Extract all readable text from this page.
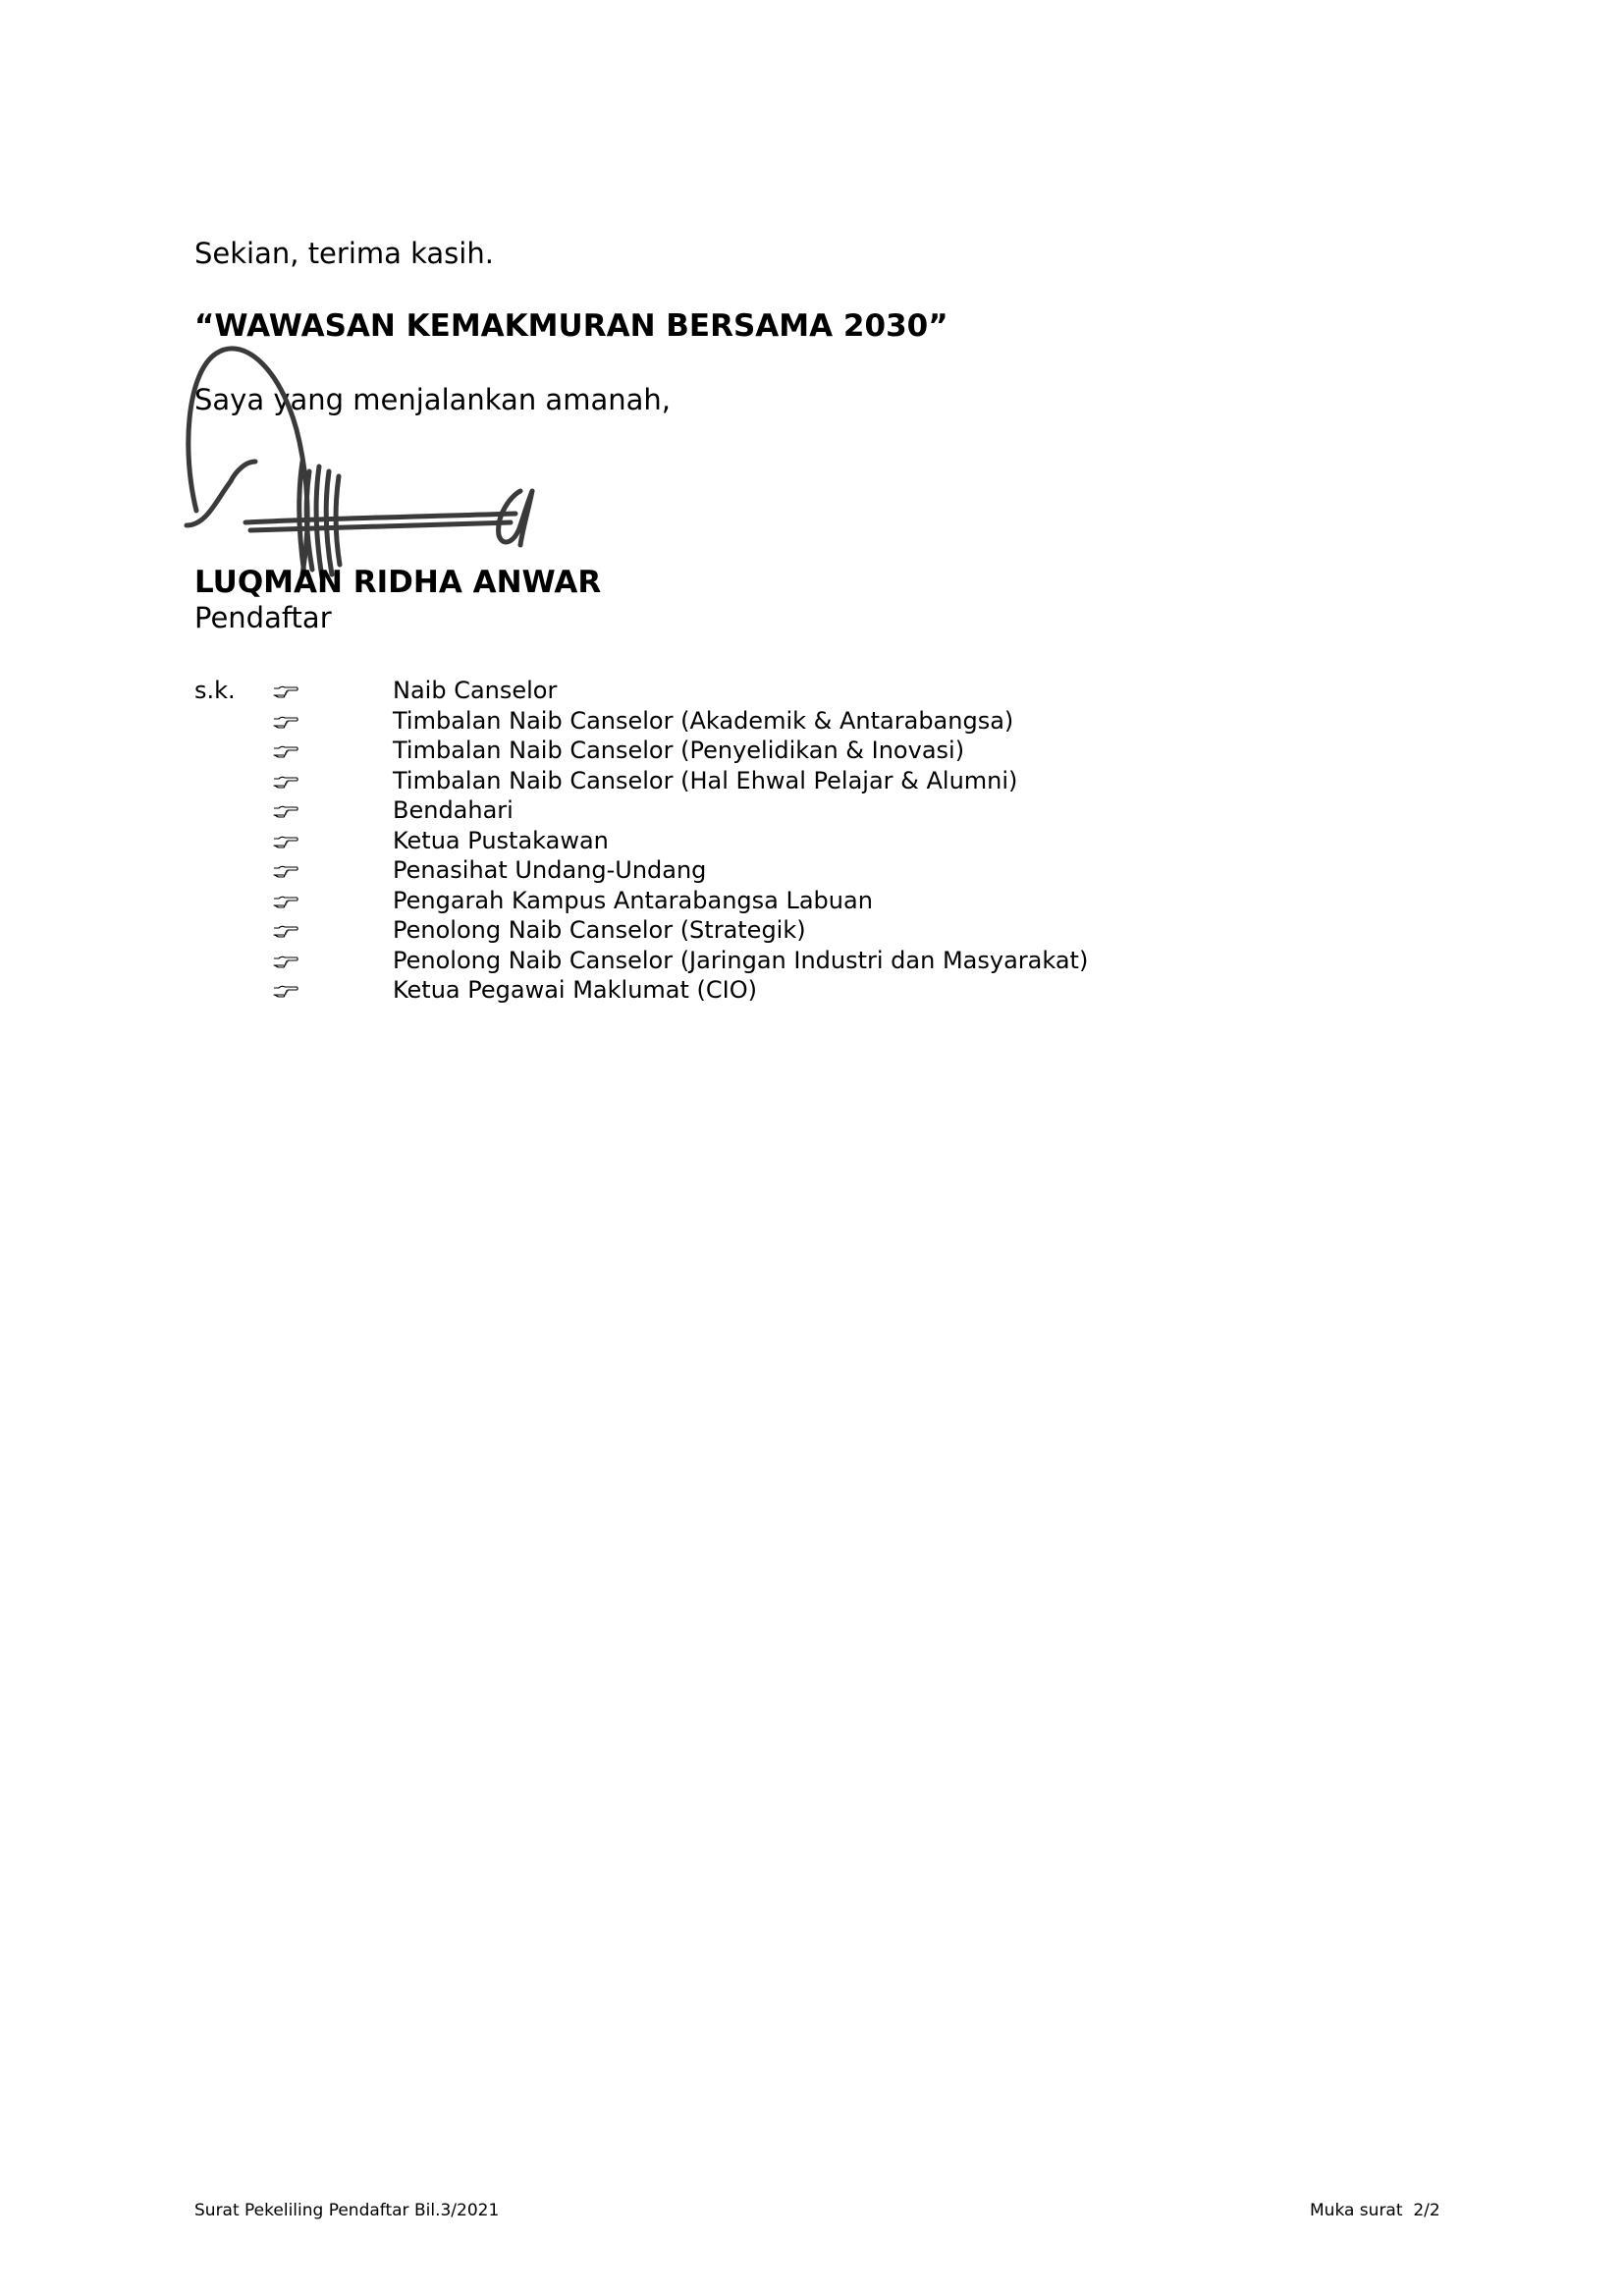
Sekian, terima kasih.
“WAWASAN KEMAKMURAN BERSAMA 2030”
Saya yang menjalankan amanah,
LUQMAN RIDHA ANWAR
Pendaftar
s.k.	Naib Canselor
Timbalan Naib Canselor (Akademik & Antarabangsa)
Timbalan Naib Canselor (Penyelidikan & Inovasi)
Timbalan Naib Canselor (Hal Ehwal Pelajar & Alumni)
Bendahari
Ketua Pustakawan
Penasihat Undang-Undang
Pengarah Kampus Antarabangsa Labuan
Penolong Naib Canselor (Strategik)
Penolong Naib Canselor (Jaringan Industri dan Masyarakat)
Ketua Pegawai Maklumat (CIO)
Surat Pekeliling Pendaftar Bil.3/2021	Muka surat  2/2
